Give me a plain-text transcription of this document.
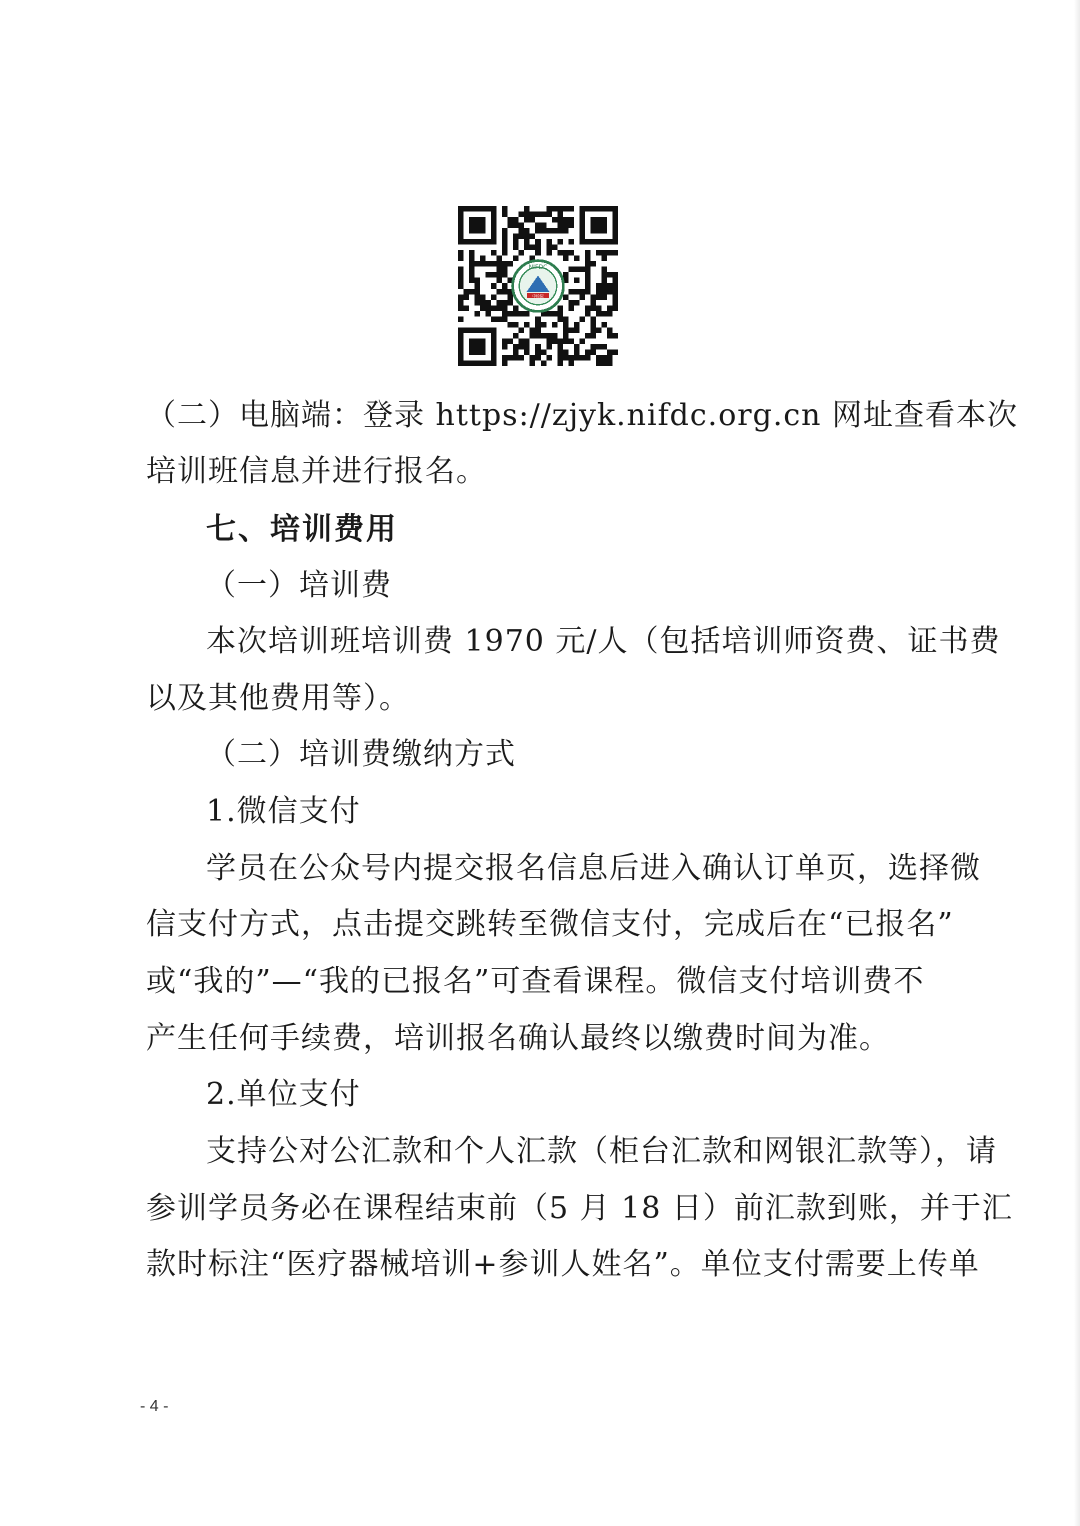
NIFDC
（二）电脑端：登录 https://zjyk.nifdc.org.cn 网址查看本次
培训班信息并进行报名。
七、培训费用
（一）培训费
本次培训班培训费 1970 元/人（包括培训师资费、证书费
以及其他费用等）。
（二）培训费缴纳方式
1.微信支付
学员在公众号内提交报名信息后进入确认订单页，选择微
信支付方式，点击提交跳转至微信支付，完成后在“已报名”
或“我的”—“我的已报名”可查看课程。微信支付培训费不
产生任何手续费，培训报名确认最终以缴费时间为准。
2.单位支付
支持公对公汇款和个人汇款（柜台汇款和网银汇款等），请
参训学员务必在课程结束前（5 月 18 日）前汇款到账，并于汇
款时标注“医疗器械培训+参训人姓名”。单位支付需要上传单
- 4 -
